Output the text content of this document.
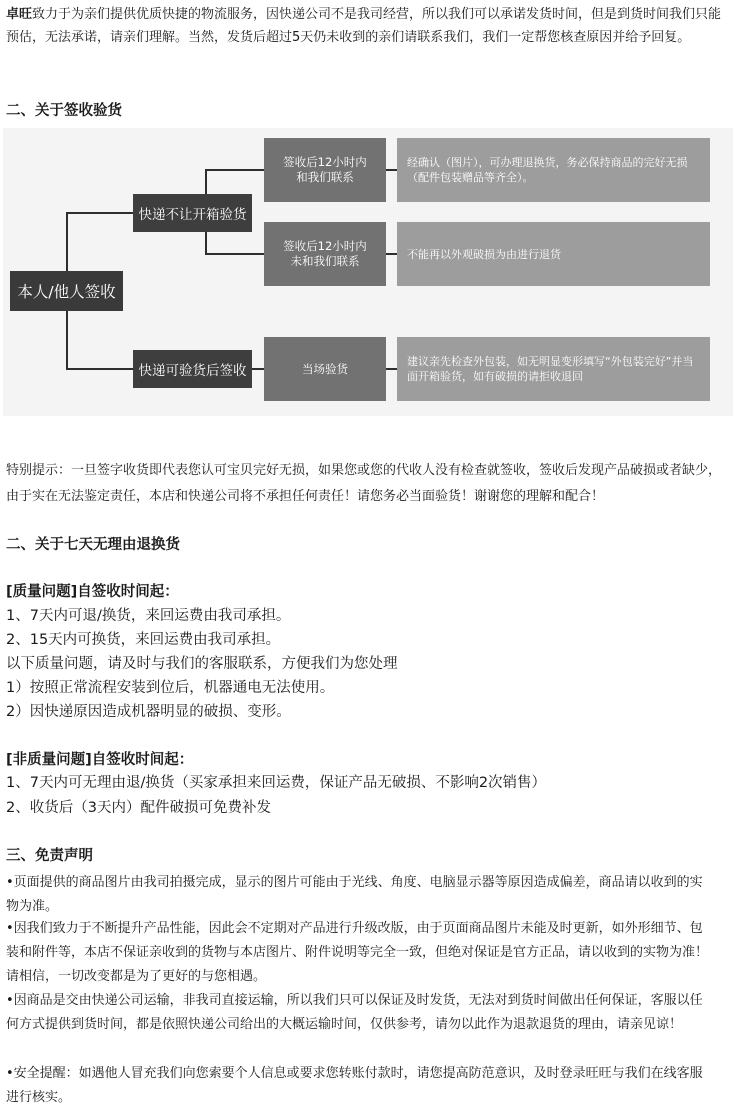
卓旺致力于为亲们提供优质快捷的物流服务，因快递公司不是我司经营，所以我们可以承诺发货时间，但是到货时间我们只能预估，无法承诺，请亲们理解。当然，发货后超过5天仍未收到的亲们请联系我们，我们一定帮您核查原因并给予回复。

二、关于签收验货
本人/他人签收
快递不让开箱验货
快递可验货后签收
签收后12小时内
和我们联系
签收后12小时内
未和我们联系
当场验货
经确认（图片），可办理退换货，务必保持商品的完好无损（配件包装赠品等齐全）。
不能再以外观破损为由进行退货
建议亲先检查外包装，如无明显变形填写“外包装完好”并当面开箱验货，如有破损的请拒收退回

特别提示：一旦签字收货即代表您认可宝贝完好无损，如果您或您的代收人没有检查就签收，签收后发现产品破损或者缺少，由于实在无法鉴定责任，本店和快递公司将不承担任何责任！请您务必当面验货！谢谢您的理解和配合！

二、关于七天无理由退换货

[质量问题]自签收时间起：

1、7天内可退/换货，来回运费由我司承担。

2、15天内可换货，来回运费由我司承担。

以下质量问题，请及时与我们的客服联系，方便我们为您处理

1）按照正常流程安装到位后，机器通电无法使用。

2）因快递原因造成机器明显的破损、变形。

[非质量问题]自签收时间起：

1、7天内可无理由退/换货（买家承担来回运费，保证产品无破损、不影响2次销售）

2、收货后（3天内）配件破损可免费补发

三、免责声明

•页面提供的商品图片由我司拍摄完成，显示的图片可能由于光线、角度、电脑显示器等原因造成偏差，商品请以收到的实物为准。

•因我们致力于不断提升产品性能，因此会不定期对产品进行升级改版，由于页面商品图片未能及时更新，如外形细节、包装和附件等，本店不保证亲收到的货物与本店图片、附件说明等完全一致，但绝对保证是官方正品，请以收到的实物为准！请相信，一切改变都是为了更好的与您相遇。

•因商品是交由快递公司运输，非我司直接运输，所以我们只可以保证及时发货，无法对到货时间做出任何保证，客服以任何方式提供到货时间，都是依照快递公司给出的大概运输时间，仅供参考，请勿以此作为退款退货的理由，请亲见谅！

•安全提醒：如遇他人冒充我们向您索要个人信息或要求您转账付款时，请您提高防范意识，及时登录旺旺与我们在线客服进行核实。
